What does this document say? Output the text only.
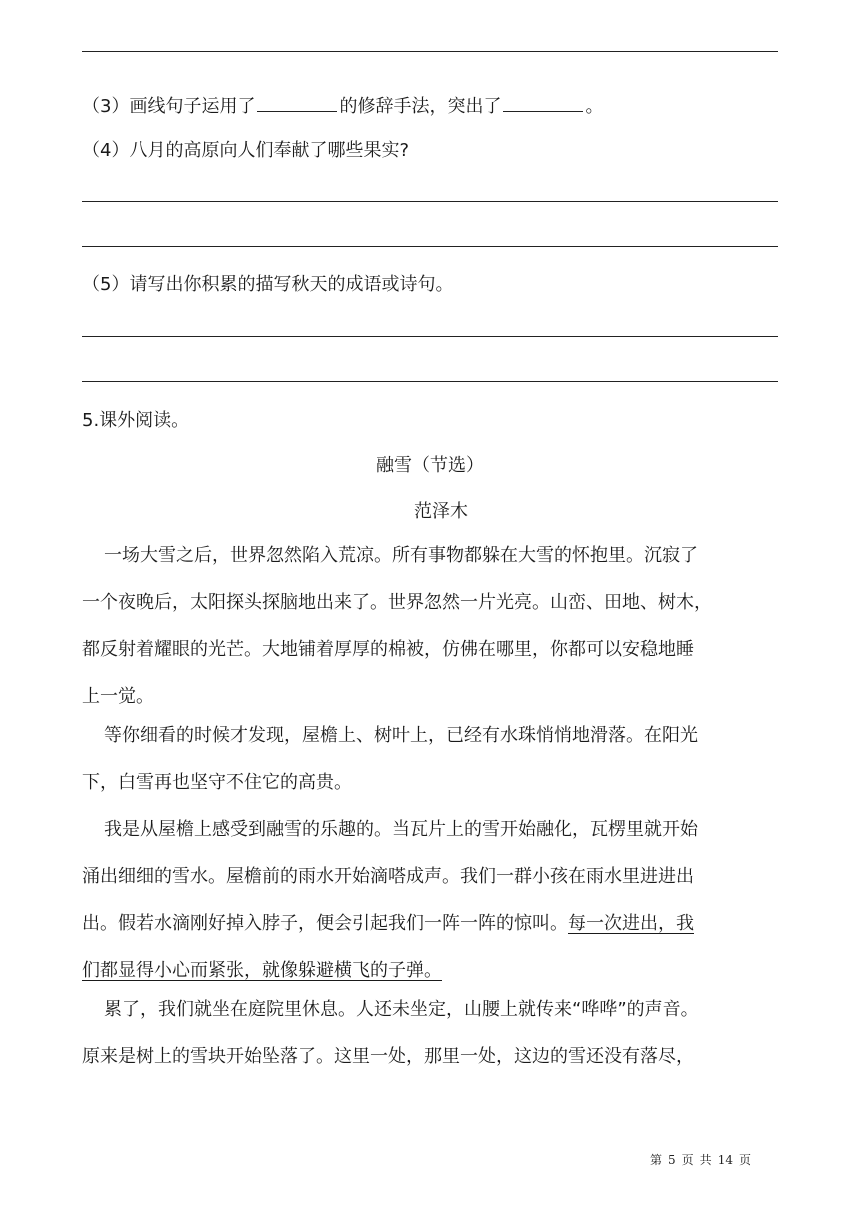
（3）画线句子运用了	的修辞手法，突出了	。
（4）八月的高原向人们奉献了哪些果实?
（5）请写出你积累的描写秋天的成语或诗句。
5.课外阅读。
融雪（节选）
范泽木
一场大雪之后，世界忽然陷入荒凉。所有事物都躲在大雪的怀抱里。沉寂了
一个夜晚后，太阳探头探脑地出来了。世界忽然一片光亮。山峦、田地、树木，
都反射着耀眼的光芒。大地铺着厚厚的棉被，仿佛在哪里，你都可以安稳地睡
上一觉。
等你细看的时候才发现，屋檐上、树叶上，已经有水珠悄悄地滑落。在阳光
下，白雪再也坚守不住它的高贵。
我是从屋檐上感受到融雪的乐趣的。当瓦片上的雪开始融化，瓦楞里就开始
涌出细细的雪水。屋檐前的雨水开始滴嗒成声。我们一群小孩在雨水里进进出
出。假若水滴刚好掉入脖子，便会引起我们一阵一阵的惊叫。每一次进出，我
们都显得小心而紧张，就像躲避横飞的子弹。
累了，我们就坐在庭院里休息。人还未坐定，山腰上就传来“哗哗”的声音。
原来是树上的雪块开始坠落了。这里一处，那里一处，这边的雪还没有落尽，
第 5 页 共 14 页
